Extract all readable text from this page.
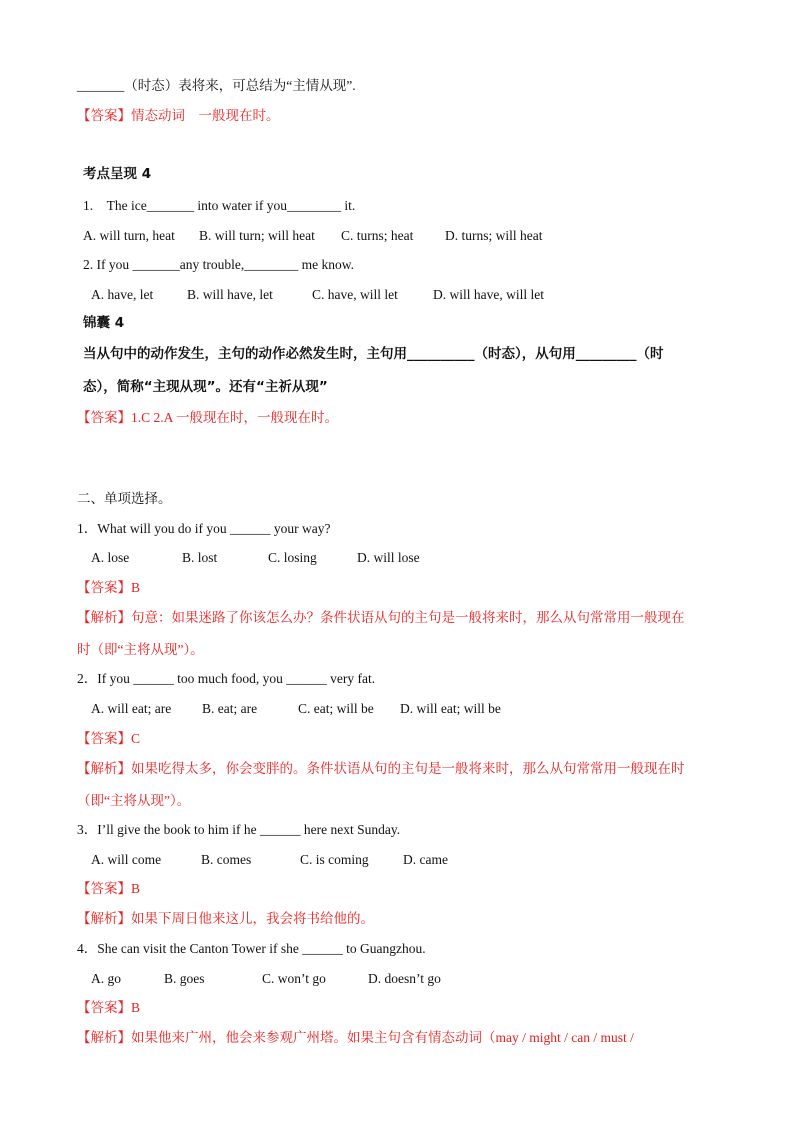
_______（时态）表将来，可总结为“主情从现”.
【答案】情态动词　一般现在时。
考点呈现 4
1.　The ice_______ into water if you________ it.
A. will turn, heat B. will turn; will heat C. turns; heat D. turns; will heat
2. If you _______any trouble,________ me know.
A. have, let	B. will have, let	C. have, will let	D. will have, will let
锦囊 4
当从句中的动作发生，主句的动作必然发生时，主句用__________（时态），从句用_________（时
态），简称“主现从现”。还有“主祈从现”
【答案】1.C 2.A 一般现在时，一般现在时。
二、单项选择。
1．What will you do if you ______ your way?
A. lose	B. lost	C. losing	D. will lose
【答案】B
【解析】句意：如果迷路了你该怎么办？条件状语从句的主句是一般将来时，那么从句常常用一般现在
时（即“主将从现”）。
2．If you ______ too much food, you ______ very fat.
A. will eat; are B. eat; are	C. eat; will be D. will eat; will be
【答案】C
【解析】如果吃得太多，你会变胖的。条件状语从句的主句是一般将来时，那么从句常常用一般现在时
（即“主将从现”）。
3．I’ll give the book to him if he ______ here next Sunday.
A. will come	B. comes	C. is coming	D. came
【答案】B
【解析】如果下周日他来这儿，我会将书给他的。
4．She can visit the Canton Tower if she ______ to Guangzhou.
A. go	B. goes	C. won’t go	D. doesn’t go
【答案】B
【解析】如果他来广州，他会来参观广州塔。如果主句含有情态动词（may / might / can / must /
